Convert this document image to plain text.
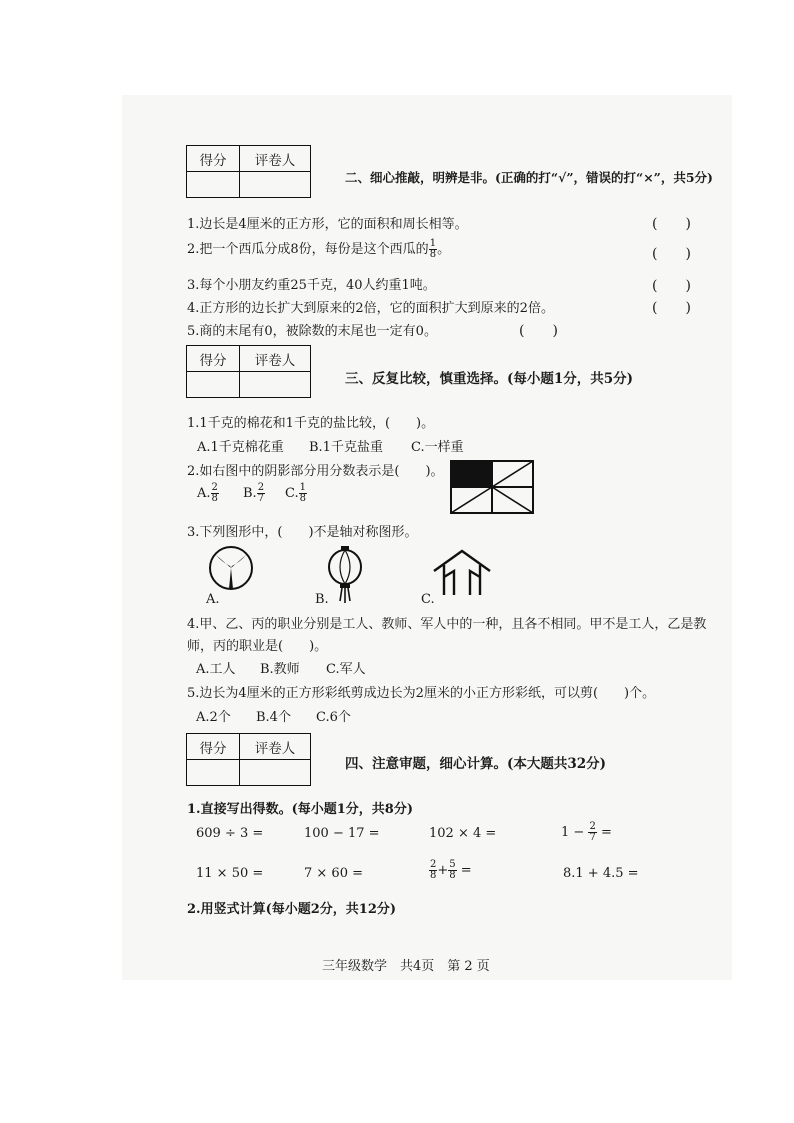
得分	评卷人

二、细心推敲，明辨是非。(正确的打“√”，错误的打“×”，共5分)
1.边长是4厘米的正方形，它的面积和周长相等。	(　　)
2.把一个西瓜分成8份，每份是这个西瓜的 $\frac{1}{8}$ 。	(　　)
3.每个小朋友约重25千克，40人约重1吨。	(　　)
4.正方形的边长扩大到原来的2倍，它的面积扩大到原来的2倍。	(　　)
5.商的末尾有0，被除数的末尾也一定有0。	(　　)
得分	评卷人

三、反复比较，慎重选择。(每小题1分，共5分)
1.1千克的棉花和1千克的盐比较，(　　)。
A.1千克棉花重 B.1千克盐重 C.一样重
2.如右图中的阴影部分用分数表示是(　　)。
A. $\frac{2}{8} B$. $\frac{2}{7} C$. $\frac{1}{8}$
3.下列图形中，(　　)不是轴对称图形。
A.	B.	C.
4.甲、乙、丙的职业分别是工人、教师、军人中的一种，且各不相同。甲不是工人，乙是教
师，丙的职业是(　　)。
A.工人 B.教师 C.军人
5.边长为4厘米的正方形彩纸剪成边长为2厘米的小正方形彩纸，可以剪(　　)个。
A.2个 B.4个 C.6个
得分	评卷人

四、注意审题，细心计算。(本大题共32分)
1.直接写出得数。(每小题1分，共8分)
609 ÷ 3 =	100 − 17 =	102 × 4 =	$1 - \frac{2}{7}$ =
11 × 50 =	7 × 60 =	$\frac{2}{8} + \frac{5}{8}$ =	8.1 + 4.5 =
2.用竖式计算(每小题2分，共12分)
三年级数学　共4页　第 2 页
